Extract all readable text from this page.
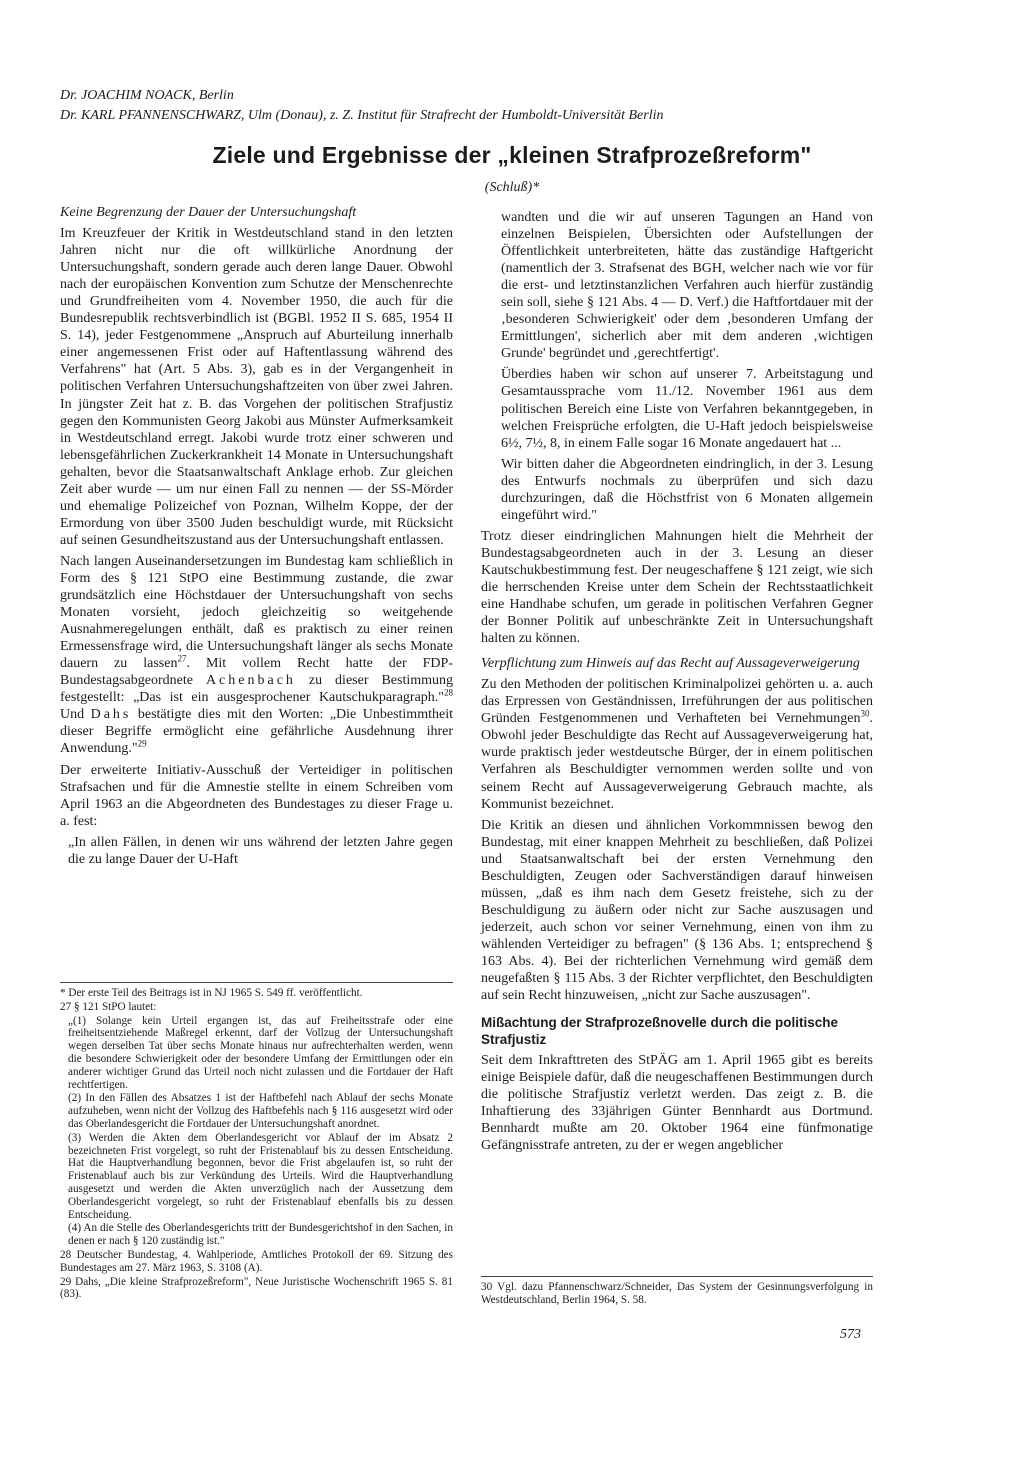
Dr. JOACHIM NOACK, Berlin
Dr. KARL PFANNENSCHWARZ, Ulm (Donau), z. Z. Institut für Strafrecht der Humboldt-Universität Berlin
Ziele und Ergebnisse der „kleinen Strafprozeßreform"
(Schluß)*
Keine Begrenzung der Dauer der Untersuchungshaft

Im Kreuzfeuer der Kritik in Westdeutschland stand in den letzten Jahren nicht nur die oft willkürliche Anordnung der Untersuchungshaft, sondern gerade auch deren lange Dauer. Obwohl nach der europäischen Konvention zum Schutze der Menschenrechte und Grundfreiheiten vom 4. November 1950, die auch für die Bundesrepublik rechtsverbindlich ist (BGBl. 1952 II S. 685, 1954 II S. 14), jeder Festgenommene „Anspruch auf Aburteilung innerhalb einer angemessenen Frist oder auf Haftentlassung während des Verfahrens" hat (Art. 5 Abs. 3), gab es in der Vergangenheit in politischen Verfahren Untersuchungshaftzeiten von über zwei Jahren. In jüngster Zeit hat z. B. das Vorgehen der politischen Strafjustiz gegen den Kommunisten Georg Jakobi aus Münster Aufmerksamkeit in Westdeutschland erregt. Jakobi wurde trotz einer schweren und lebensgefährlichen Zuckerkrankheit 14 Monate in Untersuchungshaft gehalten, bevor die Staatsanwaltschaft Anklage erhob. Zur gleichen Zeit aber wurde — um nur einen Fall zu nennen — der SS-Mörder und ehemalige Polizeichef von Poznan, Wilhelm Koppe, der der Ermordung von über 3500 Juden beschuldigt wurde, mit Rücksicht auf seinen Gesundheitszustand aus der Untersuchungshaft entlassen.

Nach langen Auseinandersetzungen im Bundestag kam schließlich in Form des § 121 StPO eine Bestimmung zustande, die zwar grundsätzlich eine Höchstdauer der Untersuchungshaft von sechs Monaten vorsieht, jedoch gleichzeitig so weitgehende Ausnahmeregelungen enthält, daß es praktisch zu einer reinen Ermessensfrage wird, die Untersuchungshaft länger als sechs Monate dauern zu lassen$^{27}$. Mit vollem Recht hatte der FDP-Bundestagsabgeordnete Achenbach zu dieser Bestimmung festgestellt: „Das ist ein ausgesprochener Kautschukparagraph."$^{28}$ Und Dahs bestätigte dies mit den Worten: „Die Unbestimmtheit dieser Begriffe ermöglicht eine gefährliche Ausdehnung ihrer Anwendung."$^{29}$

Der erweiterte Initiativ-Ausschuß der Verteidiger in politischen Strafsachen und für die Amnestie stellte in einem Schreiben vom April 1963 an die Abgeordneten des Bundestages zu dieser Frage u. a. fest:

„In allen Fällen, in denen wir uns während der letzten Jahre gegen die zu lange Dauer der U-Haft

* Der erste Teil des Beitrags ist in NJ 1965 S. 549 ff. veröffentlicht.

27 § 121 StPO lautet:

„(1) Solange kein Urteil ergangen ist, das auf Freiheitsstrafe oder eine freiheitsentziehende Maßregel erkennt, darf der Vollzug der Untersuchungshaft wegen derselben Tat über sechs Monate hinaus nur aufrechterhalten werden, wenn die besondere Schwierigkeit oder der besondere Umfang der Ermittlungen oder ein anderer wichtiger Grund das Urteil noch nicht zulassen und die Fortdauer der Haft rechtfertigen.

(2) In den Fällen des Absatzes 1 ist der Haftbefehl nach Ablauf der sechs Monate aufzuheben, wenn nicht der Vollzug des Haftbefehls nach § 116 ausgesetzt wird oder das Oberlandesgericht die Fortdauer der Untersuchungshaft anordnet.

(3) Werden die Akten dem Oberlandesgericht vor Ablauf der im Absatz 2 bezeichneten Frist vorgelegt, so ruht der Fristenablauf bis zu dessen Entscheidung. Hat die Hauptverhandlung begonnen, bevor die Frist abgelaufen ist, so ruht der Fristenablauf auch bis zur Verkündung des Urteils. Wird die Hauptverhandlung ausgesetzt und werden die Akten unverzüglich nach der Aussetzung dem Oberlandesgericht vorgelegt, so ruht der Fristenablauf ebenfalls bis zu dessen Entscheidung.

(4) An die Stelle des Oberlandesgerichts tritt der Bundesgerichtshof in den Sachen, in denen er nach § 120 zuständig ist."

28 Deutscher Bundestag, 4. Wahlperiode, Amtliches Protokoll der 69. Sitzung des Bundestages am 27. März 1963, S. 3108 (A).

29 Dahs, „Die kleine Strafprozeßreform", Neue Juristische Wochenschrift 1965 S. 81 (83).

wandten und die wir auf unseren Tagungen an Hand von einzelnen Beispielen, Übersichten oder Aufstellungen der Öffentlichkeit unterbreiteten, hätte das zuständige Haftgericht (namentlich der 3. Strafsenat des BGH, welcher nach wie vor für die erst- und letztinstanzlichen Verfahren auch hierfür zuständig sein soll, siehe § 121 Abs. 4 — D. Verf.) die Haftfortdauer mit der ‚besonderen Schwierigkeit' oder dem ‚besonderen Umfang der Ermittlungen', sicherlich aber mit dem anderen ‚wichtigen Grunde' begründet und ‚gerechtfertigt'.

Überdies haben wir schon auf unserer 7. Arbeitstagung und Gesamtaussprache vom 11./12. November 1961 aus dem politischen Bereich eine Liste von Verfahren bekanntgegeben, in welchen Freisprüche erfolgten, die U-Haft jedoch beispielsweise 6½, 7½, 8, in einem Falle sogar 16 Monate angedauert hat ...

Wir bitten daher die Abgeordneten eindringlich, in der 3. Lesung des Entwurfs nochmals zu überprüfen und sich dazu durchzuringen, daß die Höchstfrist von 6 Monaten allgemein eingeführt wird."

Trotz dieser eindringlichen Mahnungen hielt die Mehrheit der Bundestagsabgeordneten auch in der 3. Lesung an dieser Kautschukbestimmung fest. Der neugeschaffene § 121 zeigt, wie sich die herrschenden Kreise unter dem Schein der Rechtsstaatlichkeit eine Handhabe schufen, um gerade in politischen Verfahren Gegner der Bonner Politik auf unbeschränkte Zeit in Untersuchungshaft halten zu können.

Verpflichtung zum Hinweis auf das Recht auf Aussageverweigerung

Zu den Methoden der politischen Kriminalpolizei gehörten u. a. auch das Erpressen von Geständnissen, Irreführungen der aus politischen Gründen Festgenommenen und Verhafteten bei Vernehmungen$^{30}$. Obwohl jeder Beschuldigte das Recht auf Aussageverweigerung hat, wurde praktisch jeder westdeutsche Bürger, der in einem politischen Verfahren als Beschuldigter vernommen werden sollte und von seinem Recht auf Aussageverweigerung Gebrauch machte, als Kommunist bezeichnet.

Die Kritik an diesen und ähnlichen Vorkommnissen bewog den Bundestag, mit einer knappen Mehrheit zu beschließen, daß Polizei und Staatsanwaltschaft bei der ersten Vernehmung den Beschuldigten, Zeugen oder Sachverständigen darauf hinweisen müssen, „daß es ihm nach dem Gesetz freistehe, sich zu der Beschuldigung zu äußern oder nicht zur Sache auszusagen und jederzeit, auch schon vor seiner Vernehmung, einen von ihm zu wählenden Verteidiger zu befragen" (§ 136 Abs. 1; entsprechend § 163 Abs. 4). Bei der richterlichen Vernehmung wird gemäß dem neugefaßten § 115 Abs. 3 der Richter verpflichtet, den Beschuldigten auf sein Recht hinzuweisen, „nicht zur Sache auszusagen".

Mißachtung der Strafprozeßnovelle durch die politische Strafjustiz

Seit dem Inkrafttreten des StPÄG am 1. April 1965 gibt es bereits einige Beispiele dafür, daß die neugeschaffenen Bestimmungen durch die politische Strafjustiz verletzt werden. Das zeigt z. B. die Inhaftierung des 33jährigen Günter Bennhardt aus Dortmund. Bennhardt mußte am 20. Oktober 1964 eine fünfmonatige Gefängnisstrafe antreten, zu der er wegen angeblicher

30 Vgl. dazu Pfannenschwarz/Schneider, Das System der Gesinnungsverfolgung in Westdeutschland, Berlin 1964, S. 58.

573
